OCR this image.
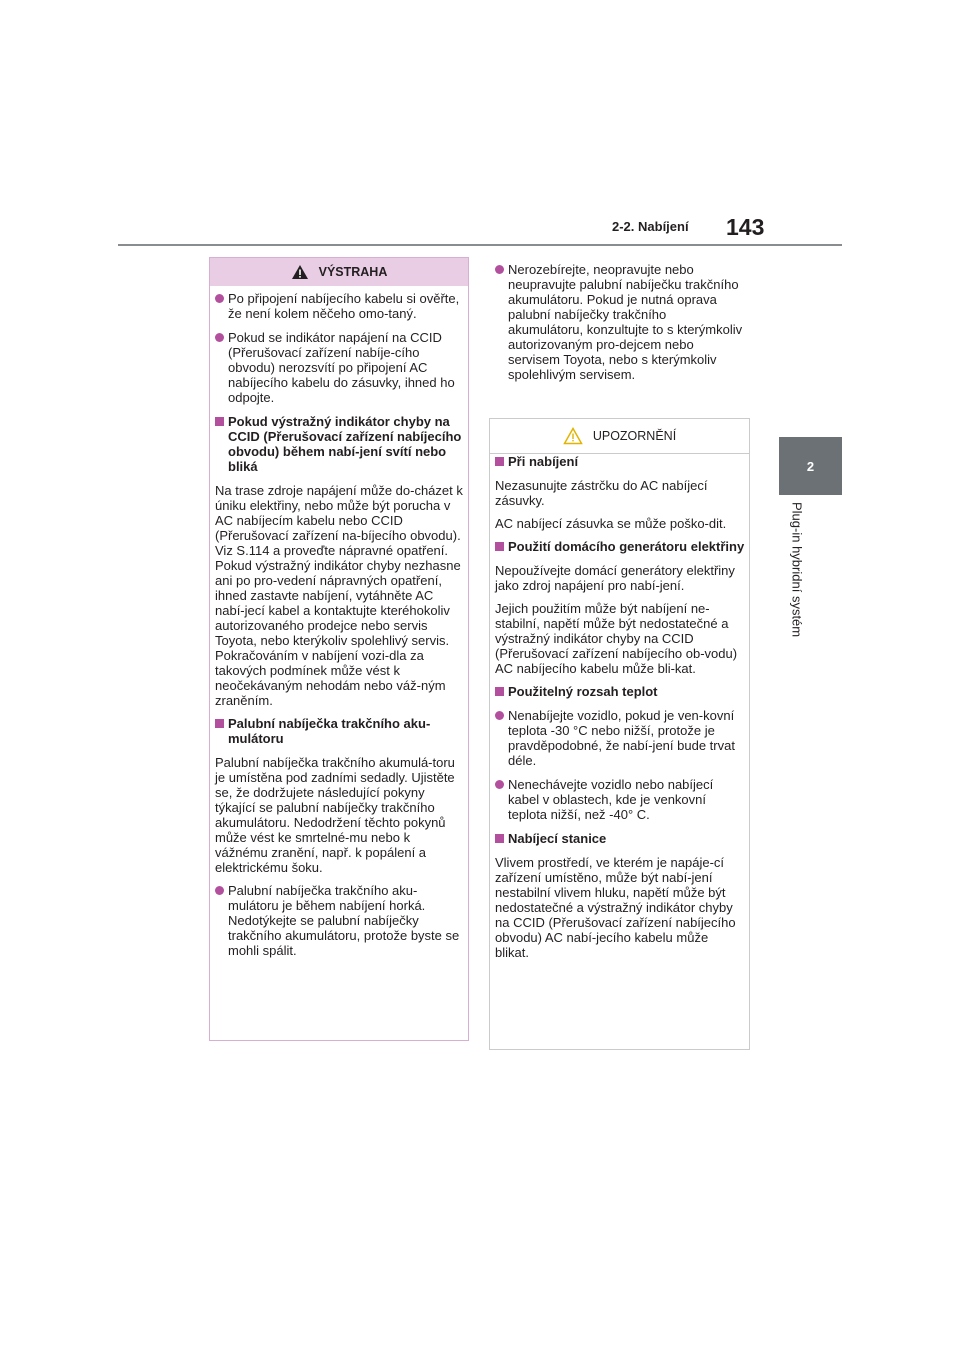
2-2. Nabíjení 143
2
Plug-in hybridní systém
VÝSTRAHA
Po připojení nabíjecího kabelu si ověřte, že není kolem něčeho omo-taný.
Pokud se indikátor napájení na CCID (Přerušovací zařízení nabíje-cího obvodu) nerozsvítí po připojení AC nabíjecího kabelu do zásuvky, ihned ho odpojte.
Pokud výstražný indikátor chyby na CCID (Přerušovací zařízení nabíjecího obvodu) během nabí-jení svítí nebo bliká

Na trase zdroje napájení může do-cházet k úniku elektřiny, nebo může být porucha v AC nabíjecím kabelu nebo CCID (Přerušovací zařízení na-bíjecího obvodu). Viz S.114 a proveďte nápravné opatření. Pokud výstražný indikátor chyby nezhasne ani po pro-vedení nápravných opatření, ihned zastavte nabíjení, vytáhněte AC nabí-jecí kabel a kontaktujte kteréhokoliv autorizovaného prodejce nebo servis Toyota, nebo kterýkoliv spolehlivý servis. Pokračováním v nabíjení vozi-dla za takových podmínek může vést k neočekávaným nehodám nebo váž-ným zraněním.

Palubní nabíječka trakčního aku-mulátoru

Palubní nabíječka trakčního akumulá-toru je umístěna pod zadními sedadly. Ujistěte se, že dodržujete následující pokyny týkající se palubní nabíječky trakčního akumulátoru. Nedodržení těchto pokynů může vést ke smrtelné-mu nebo k vážnému zranění, např. k popálení a elektrickému šoku.

Palubní nabíječka trakčního aku-mulátoru je během nabíjení horká. Nedotýkejte se palubní nabíječky trakčního akumulátoru, protože byste se mohli spálit.
Nerozebírejte, neopravujte nebo neupravujte palubní nabíječku trakčního akumulátoru. Pokud je nutná oprava palubní nabíječky trakčního akumulátoru, konzultujte to s kterýmkoliv autorizovaným pro-dejcem nebo servisem Toyota, nebo s kterýmkoliv spolehlivým servisem.
UPOZORNĚNÍ
Při nabíjení

Nezasunujte zástrčku do AC nabíjecí zásuvky.

AC nabíjecí zásuvka se může poško-dit.

Použití domácího generátoru elektřiny

Nepoužívejte domácí generátory elektřiny jako zdroj napájení pro nabí-jení.

Jejich použitím může být nabíjení ne-stabilní, napětí může být nedostatečné a výstražný indikátor chyby na CCID (Přerušovací zařízení nabíjecího ob-vodu) AC nabíjecího kabelu může bli-kat.

Použitelný rozsah teplot
Nenabíjejte vozidlo, pokud je ven-kovní teplota -30 °C nebo nižší, protože je pravděpodobné, že nabí-jení bude trvat déle.
Nenechávejte vozidlo nebo nabíjecí kabel v oblastech, kde je venkovní teplota nižší, než -40° C.
Nabíjecí stanice

Vlivem prostředí, ve kterém je napáje-cí zařízení umístěno, může být nabí-jení nestabilní vlivem hluku, napětí může být nedostatečné a výstražný indikátor chyby na CCID (Přerušovací zařízení nabíjecího obvodu) AC nabí-jecího kabelu může blikat.
